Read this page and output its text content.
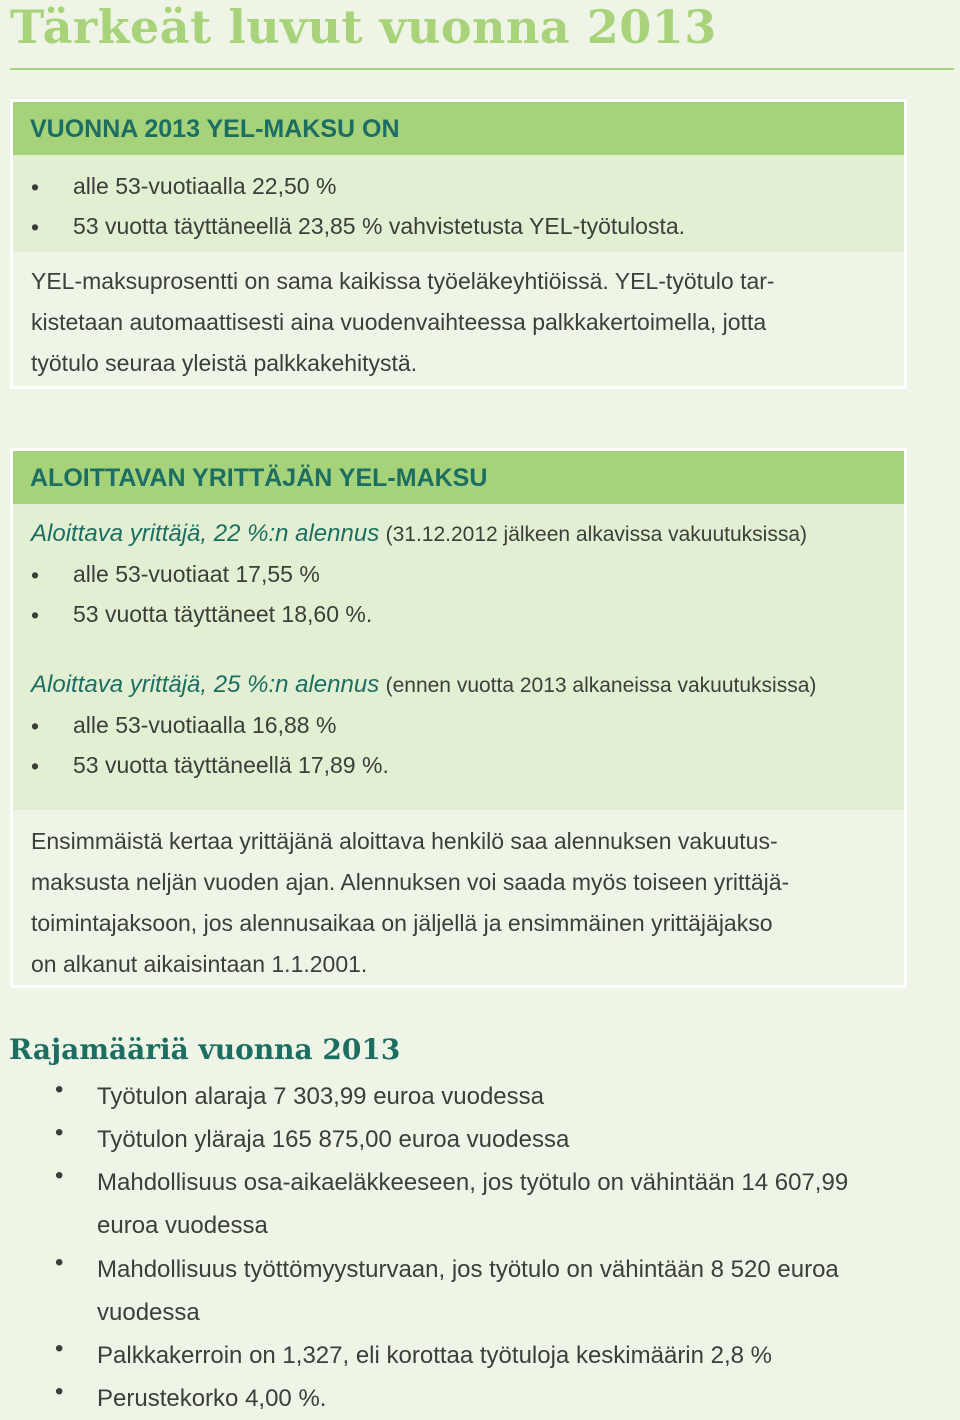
Tärkeät luvut vuonna 2013
VUONNA 2013 YEL-MAKSU ON
• alle 53-vuotiaalla 22,50 %
• 53 vuotta täyttäneellä 23,85 % vahvistetusta YEL-työtulosta.
YEL-maksuprosentti on sama kaikissa työeläkeyhtiöissä. YEL-työtulo tar-
kistetaan automaattisesti aina vuodenvaihteessa palkkakertoimella, jotta
työtulo seuraa yleistä palkkakehitystä.
ALOITTAVAN YRITTÄJÄN YEL-MAKSU
Aloittava yrittäjä, 22 %:n alennus (31.12.2012 jälkeen alkavissa vakuutuksissa)
• alle 53-vuotiaat 17,55 %
• 53 vuotta täyttäneet 18,60 %.
Aloittava yrittäjä, 25 %:n alennus (ennen vuotta 2013 alkaneissa vakuutuksissa)
• alle 53-vuotiaalla 16,88 %
• 53 vuotta täyttäneellä 17,89 %.
Ensimmäistä kertaa yrittäjänä aloittava henkilö saa alennuksen vakuutus-
maksusta neljän vuoden ajan. Alennuksen voi saada myös toiseen yrittäjä-
toimintajaksoon, jos alennusaikaa on jäljellä ja ensimmäinen yrittäjäjakso
on alkanut aikaisintaan 1.1.2001.
Rajamääriä vuonna 2013
• Työtulon alaraja 7 303,99 euroa vuodessa
• Työtulon yläraja 165 875,00 euroa vuodessa
• Mahdollisuus osa-aikaeläkkeeseen, jos työtulo on vähintään 14 607,99
euroa vuodessa
• Mahdollisuus työttömyysturvaan, jos työtulo on vähintään 8 520 euroa
vuodessa
• Palkkakerroin on 1,327, eli korottaa työtuloja keskimäärin 2,8 %
• Perustekorko 4,00 %.
